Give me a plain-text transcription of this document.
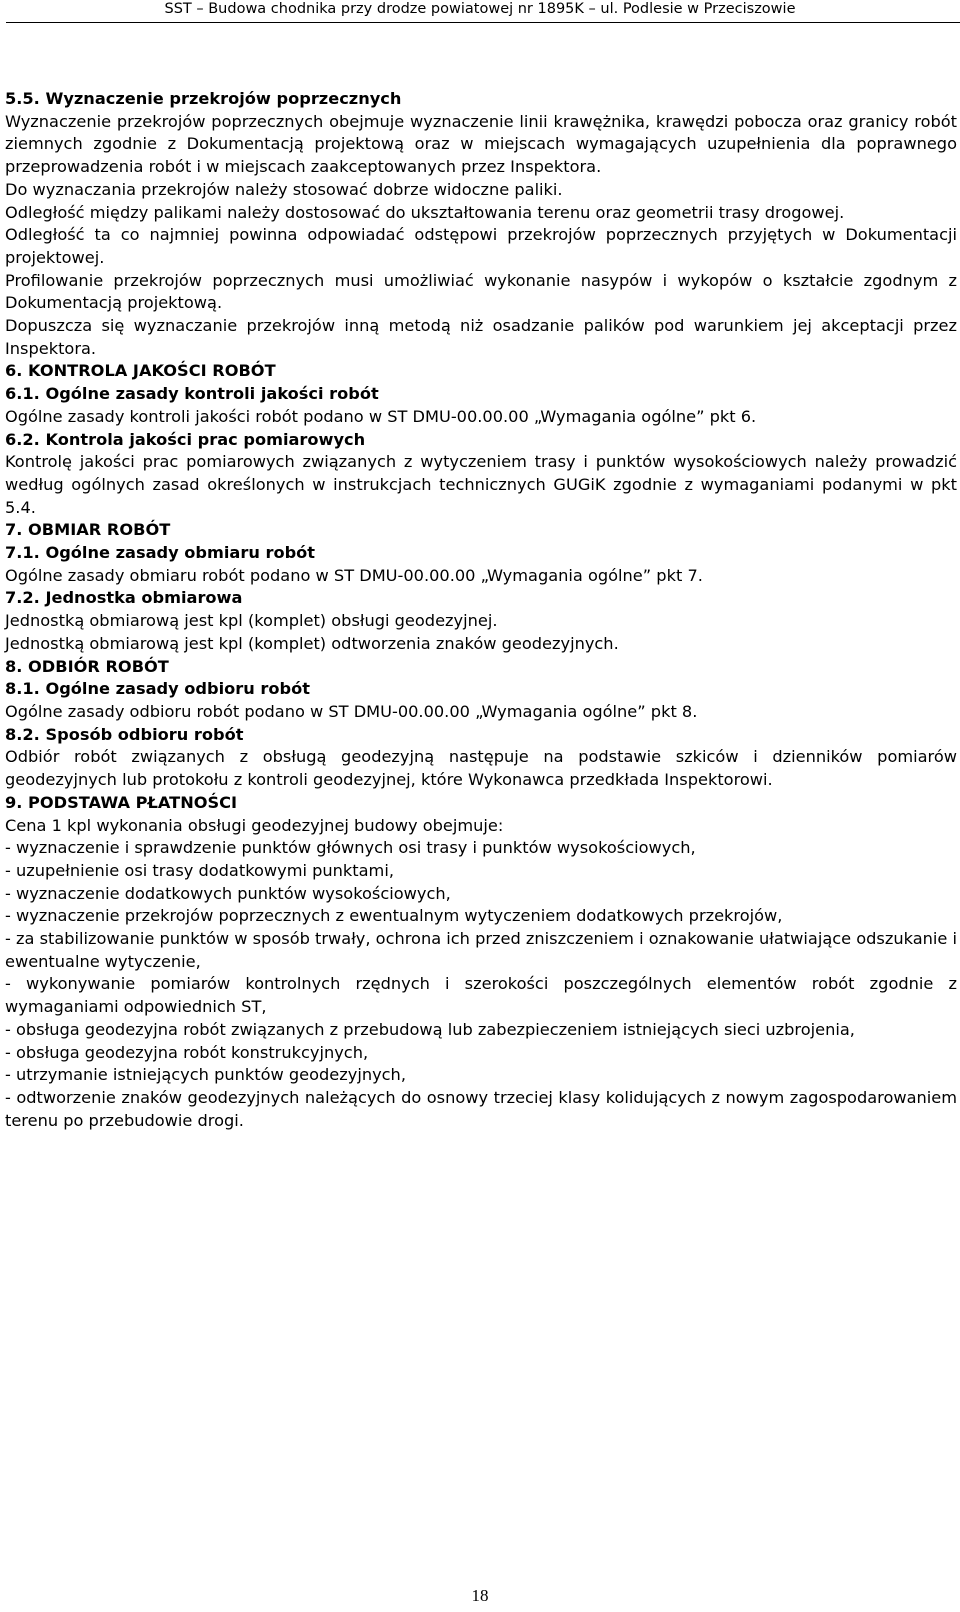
SST – Budowa chodnika przy drodze powiatowej nr 1895K – ul. Podlesie w Przeciszowie

5.5. Wyznaczenie przekrojów poprzecznych

Wyznaczenie przekrojów poprzecznych obejmuje wyznaczenie linii krawężnika, krawędzi pobocza oraz granicy robót ziemnych zgodnie z Dokumentacją projektową oraz w miejscach wymagających uzupełnienia dla poprawnego przeprowadzenia robót i w miejscach zaakceptowanych przez Inspektora.

Do wyznaczania przekrojów należy stosować dobrze widoczne paliki.

Odległość między palikami należy dostosować do ukształtowania terenu oraz geometrii trasy drogowej.

Odległość ta co najmniej powinna odpowiadać odstępowi przekrojów poprzecznych przyjętych w Dokumentacji projektowej.

Profilowanie przekrojów poprzecznych musi umożliwiać wykonanie nasypów i wykopów o kształcie zgodnym z Dokumentacją projektową.

Dopuszcza się wyznaczanie przekrojów inną metodą niż osadzanie palików pod warunkiem jej akceptacji przez Inspektora.

6. KONTROLA JAKOŚCI ROBÓT

6.1. Ogólne zasady kontroli jakości robót

Ogólne zasady kontroli jakości robót podano w ST DMU-00.00.00 „Wymagania ogólne” pkt 6.

6.2. Kontrola jakości prac pomiarowych

Kontrolę jakości prac pomiarowych związanych z wytyczeniem trasy i punktów wysokościowych należy prowadzić według ogólnych zasad określonych w instrukcjach technicznych GUGiK zgodnie z wymaganiami podanymi w pkt 5.4.

7. OBMIAR ROBÓT

7.1. Ogólne zasady obmiaru robót

Ogólne zasady obmiaru robót podano w ST DMU-00.00.00 „Wymagania ogólne” pkt 7.

7.2. Jednostka obmiarowa

Jednostką obmiarową jest kpl (komplet) obsługi geodezyjnej.

Jednostką obmiarową jest kpl (komplet) odtworzenia znaków geodezyjnych.

8. ODBIÓR ROBÓT

8.1. Ogólne zasady odbioru robót

Ogólne zasady odbioru robót podano w ST DMU-00.00.00 „Wymagania ogólne” pkt 8.

8.2. Sposób odbioru robót

Odbiór robót związanych z obsługą geodezyjną następuje na podstawie szkiców i dzienników pomiarów geodezyjnych lub protokołu z kontroli geodezyjnej, które Wykonawca przedkłada Inspektorowi.

9. PODSTAWA PŁATNOŚCI

Cena 1 kpl wykonania obsługi geodezyjnej budowy obejmuje:

- wyznaczenie i sprawdzenie punktów głównych osi trasy i punktów wysokościowych,

- uzupełnienie osi trasy dodatkowymi punktami,

- wyznaczenie dodatkowych punktów wysokościowych,

- wyznaczenie przekrojów poprzecznych z ewentualnym wytyczeniem dodatkowych przekrojów,

- za stabilizowanie punktów w sposób trwały, ochrona ich przed zniszczeniem i oznakowanie ułatwiające odszukanie i ewentualne wytyczenie,

- wykonywanie pomiarów kontrolnych rzędnych i szerokości poszczególnych elementów robót zgodnie z wymaganiami odpowiednich ST,

- obsługa geodezyjna robót związanych z przebudową lub zabezpieczeniem istniejących sieci uzbrojenia,

- obsługa geodezyjna robót konstrukcyjnych,

- utrzymanie istniejących punktów geodezyjnych,

- odtworzenie znaków geodezyjnych należących do osnowy trzeciej klasy kolidujących z nowym zagospodarowaniem terenu po przebudowie drogi.

18
